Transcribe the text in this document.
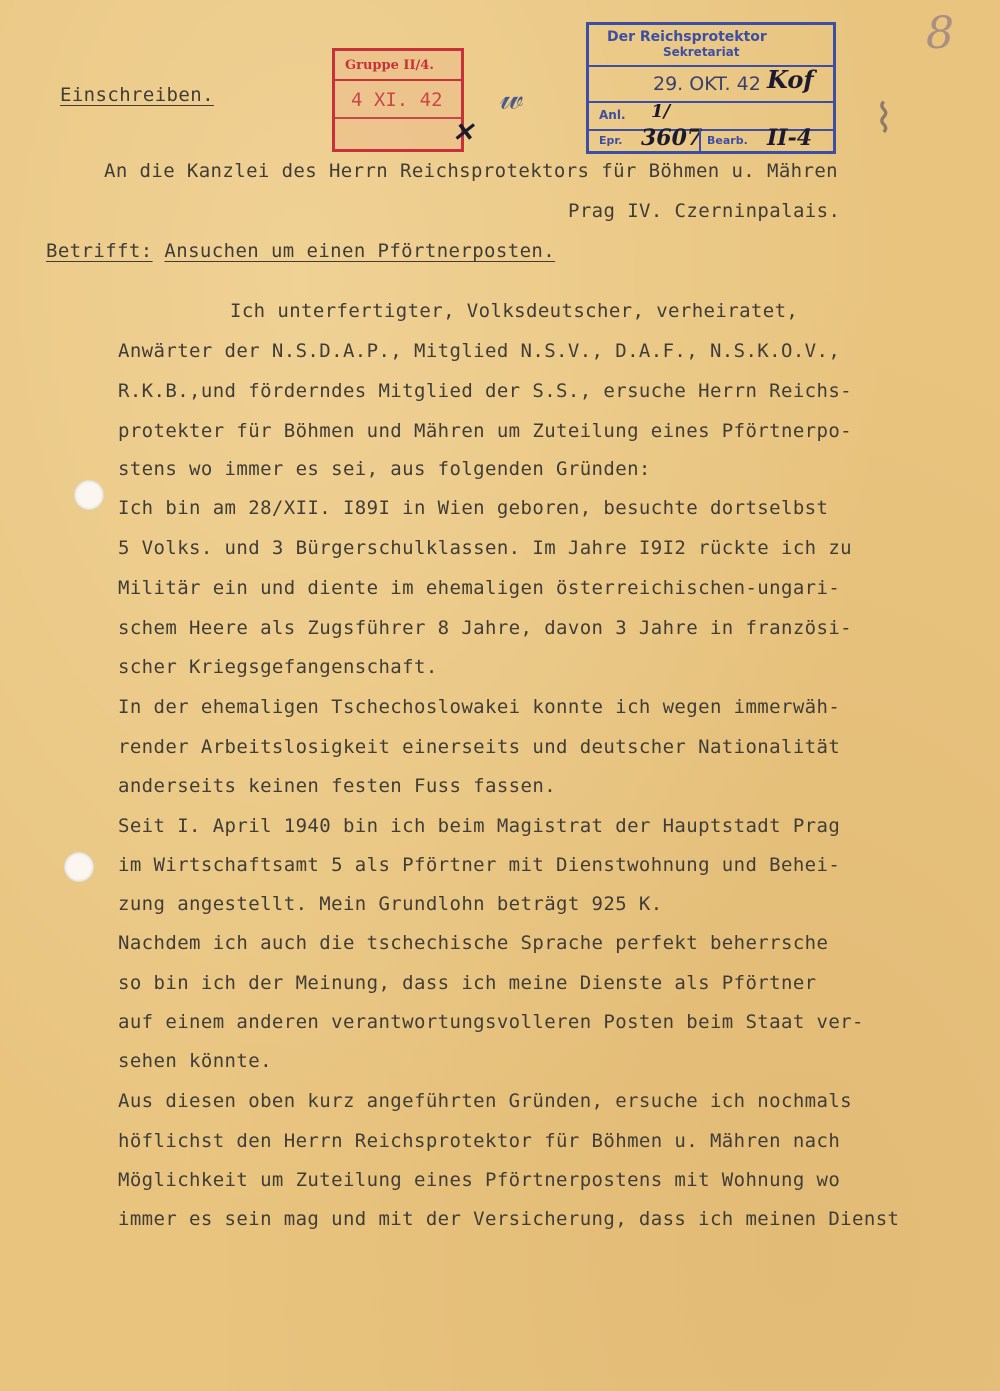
8
⌇
𝓌
Einschreiben.
Gruppe II/4.
4 XI. 42
✕
Der Reichsprotektor
Sekretariat
29. OKT. 42 Kof
Anl. 1/
Epr. 3607 Bearb. II-4
An die Kanzlei des Herrn Reichsprotektors für Böhmen u. Mähren
Prag IV. Czerninpalais.
Betrifft: Ansuchen um einen Pförtnerposten.
Ich unterfertigter, Volksdeutscher, verheiratet,
Anwärter der N.S.D.A.P., Mitglied N.S.V., D.A.F., N.S.K.O.V.,
R.K.B.,und förderndes Mitglied der S.S., ersuche Herrn Reichs-
protekter für Böhmen und Mähren um Zuteilung eines Pförtnerpo-
stens wo immer es sei, aus folgenden Gründen:
Ich bin am 28/XII. I89I in Wien geboren, besuchte dortselbst
5 Volks. und 3 Bürgerschulklassen. Im Jahre I9I2 rückte ich zu
Militär ein und diente im ehemaligen österreichischen-ungari-
schem Heere als Zugsführer 8 Jahre, davon 3 Jahre in französi-
scher Kriegsgefangenschaft.
In der ehemaligen Tschechoslowakei konnte ich wegen immerwäh-
render Arbeitslosigkeit einerseits und deutscher Nationalität
anderseits keinen festen Fuss fassen.
Seit I. April 1940 bin ich beim Magistrat der Hauptstadt Prag
im Wirtschaftsamt 5 als Pförtner mit Dienstwohnung und Behei-
zung angestellt. Mein Grundlohn beträgt 925 K.
Nachdem ich auch die tschechische Sprache perfekt beherrsche
so bin ich der Meinung, dass ich meine Dienste als Pförtner
auf einem anderen verantwortungsvolleren Posten beim Staat ver-
sehen könnte.
Aus diesen oben kurz angeführten Gründen, ersuche ich nochmals
höflichst den Herrn Reichsprotektor für Böhmen u. Mähren nach
Möglichkeit um Zuteilung eines Pförtnerpostens mit Wohnung wo
immer es sein mag und mit der Versicherung, dass ich meinen Dienst
